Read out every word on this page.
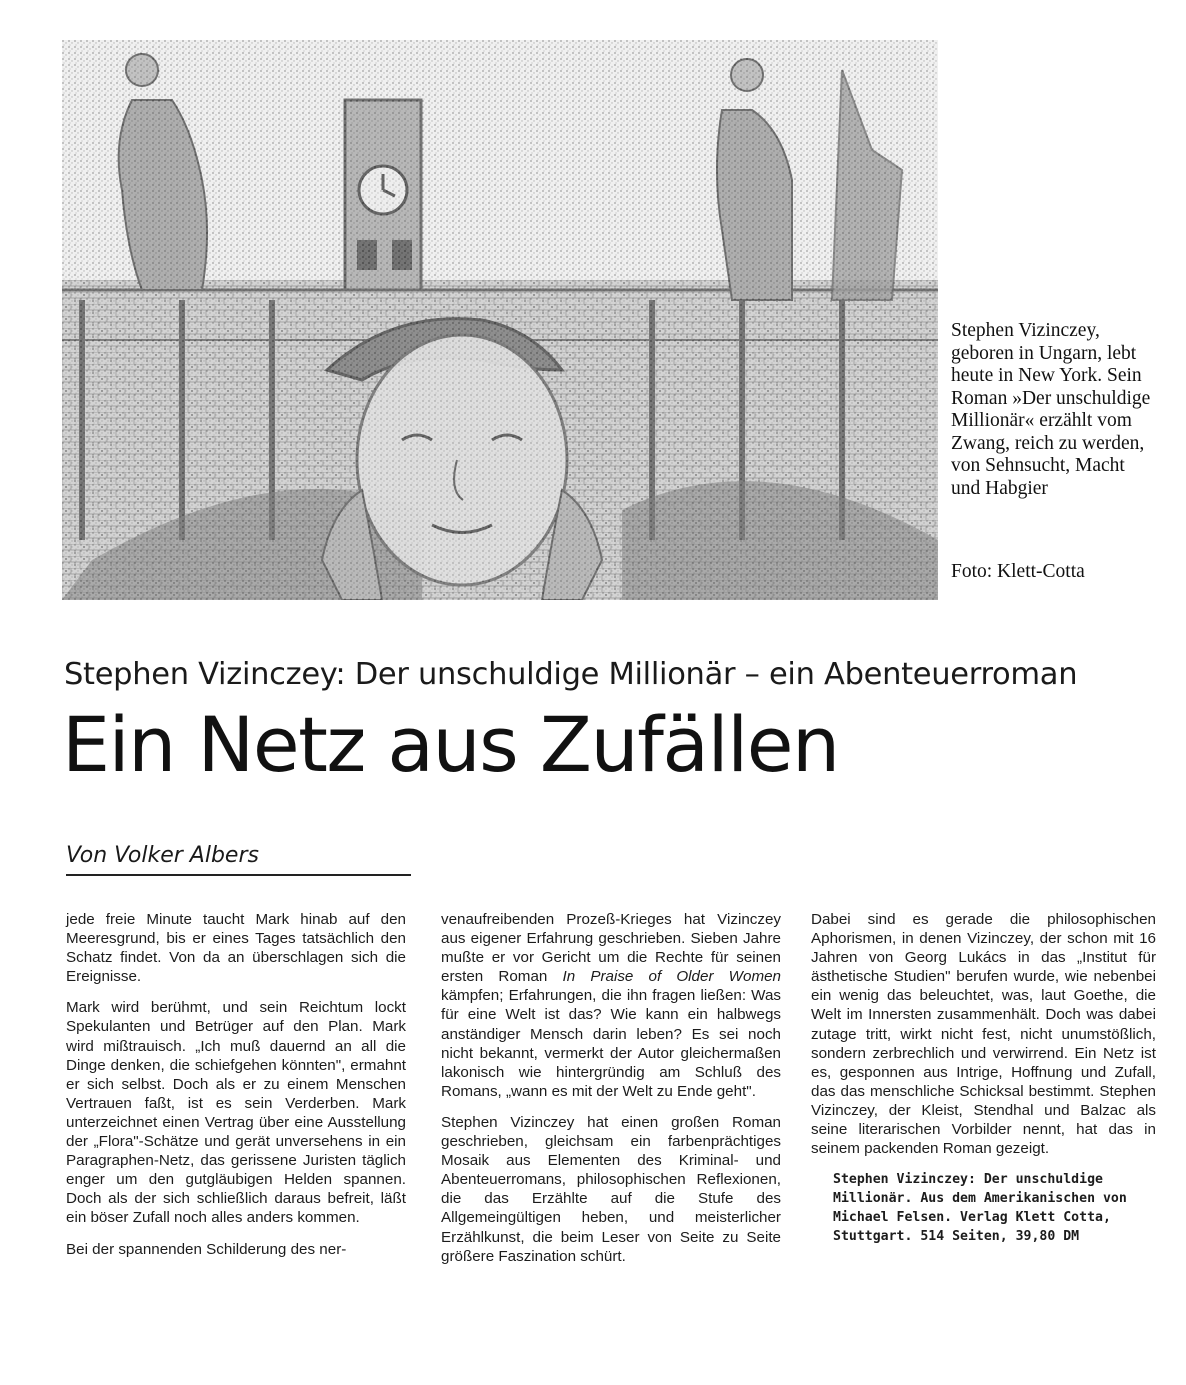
Stephen Vizinczey, geboren in Ungarn, lebt heute in New York. Sein Roman »Der unschuldige Millionär« erzählt vom Zwang, reich zu werden, von Sehnsucht, Macht und Habgier

Foto: Klett-Cotta
Stephen Vizinczey: Der unschuldige Millionär – ein Abenteuerroman
Ein Netz aus Zufällen
Von Volker Albers

jede freie Minute taucht Mark hinab auf den Meeresgrund, bis er eines Tages tatsächlich den Schatz findet. Von da an überschlagen sich die Ereignisse.

Mark wird berühmt, und sein Reichtum lockt Spekulanten und Betrüger auf den Plan. Mark wird mißtrauisch. „Ich muß dauernd an all die Dinge denken, die schiefgehen könnten", ermahnt er sich selbst. Doch als er zu einem Menschen Vertrauen faßt, ist es sein Verderben. Mark unterzeichnet einen Vertrag über eine Ausstellung der „Flora"-Schätze und gerät unversehens in ein Paragraphen-Netz, das gerissene Juristen täglich enger um den gutgläubigen Helden spannen. Doch als der sich schließlich daraus befreit, läßt ein böser Zufall noch alles anders kommen.

Bei der spannenden Schilderung des ner-

venaufreibenden Prozeß-Krieges hat Vizinczey aus eigener Erfahrung geschrieben. Sieben Jahre mußte er vor Gericht um die Rechte für seinen ersten Roman In Praise of Older Women kämpfen; Erfahrungen, die ihn fragen ließen: Was für eine Welt ist das? Wie kann ein halbwegs anständiger Mensch darin leben? Es sei noch nicht bekannt, vermerkt der Autor gleichermaßen lakonisch wie hintergründig am Schluß des Romans, „wann es mit der Welt zu Ende geht".

Stephen Vizinczey hat einen großen Roman geschrieben, gleichsam ein farbenprächtiges Mosaik aus Elementen des Kriminal- und Abenteuerromans, philosophischen Reflexionen, die das Erzählte auf die Stufe des Allgemeingültigen heben, und meisterlicher Erzählkunst, die beim Leser von Seite zu Seite größere Faszination schürt.

Dabei sind es gerade die philosophischen Aphorismen, in denen Vizinczey, der schon mit 16 Jahren von Georg Lukács in das „Institut für ästhetische Studien" berufen wurde, wie nebenbei ein wenig das beleuchtet, was, laut Goethe, die Welt im Innersten zusammenhält. Doch was dabei zutage tritt, wirkt nicht fest, nicht unumstößlich, sondern zerbrechlich und verwirrend. Ein Netz ist es, gesponnen aus Intrige, Hoffnung und Zufall, das das menschliche Schicksal bestimmt. Stephen Vizinczey, der Kleist, Stendhal und Balzac als seine literarischen Vorbilder nennt, hat das in seinem packenden Roman gezeigt.

Stephen Vizinczey: Der unschuldige Millionär. Aus dem Amerikanischen von Michael Felsen. Verlag Klett Cotta, Stuttgart. 514 Seiten, 39,80 DM
